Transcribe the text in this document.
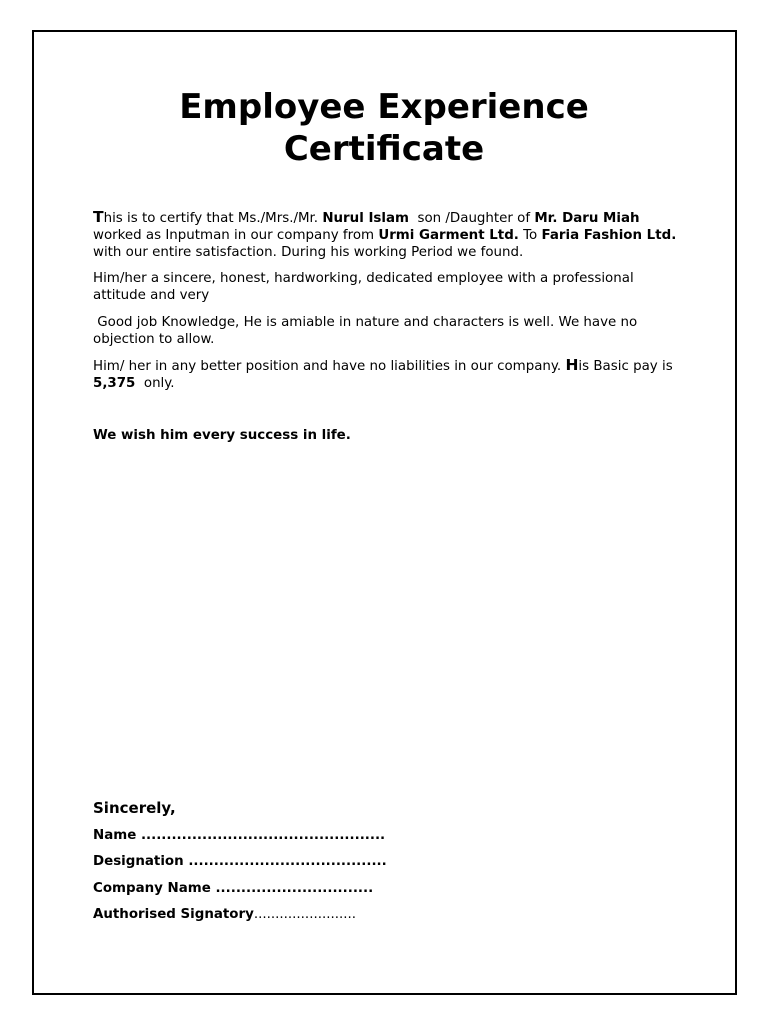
Employee Experience
Certificate

This is to certify that Ms./Mrs./Mr. Nurul Islam  son /Daughter of Mr. Daru Miah  worked as Inputman in our company from Urmi Garment Ltd. To Faria Fashion Ltd. with our entire satisfaction. During his working Period we found.

Him/her a sincere, honest, hardworking, dedicated employee with a professional attitude and very

Good job Knowledge, He is amiable in nature and characters is well. We have no objection to allow.

Him/ her in any better position and have no liabilities in our company. His Basic pay is  5,375  only.

We wish him every success in life.

Sincerely,

Name ................................................

Designation .......................................

Company Name ...............................

Authorised Signatory........................
